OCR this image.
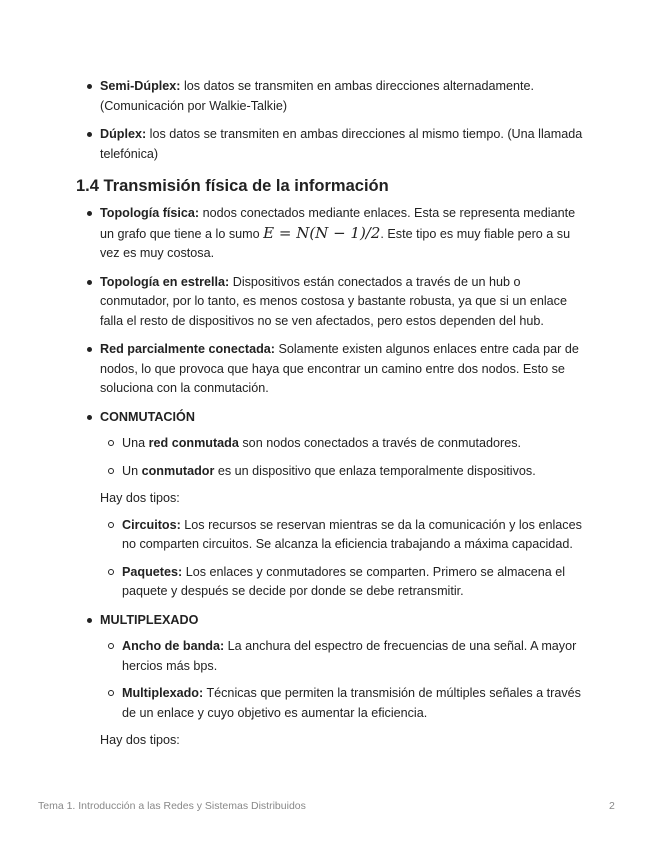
Semi-Dúplex: los datos se transmiten en ambas direcciones alternadamente. (Comunicación por Walkie-Talkie)
Dúplex: los datos se transmiten en ambas direcciones al mismo tiempo. (Una llamada telefónica)
1.4 Transmisión física de la información
Topología física: nodos conectados mediante enlaces. Esta se representa mediante un grafo que tiene a lo sumo E = N(N − 1)/2. Este tipo es muy fiable pero a su vez es muy costosa.
Topología en estrella: Dispositivos están conectados a través de un hub o conmutador, por lo tanto, es menos costosa y bastante robusta, ya que si un enlace falla el resto de dispositivos no se ven afectados, pero estos dependen del hub.
Red parcialmente conectada: Solamente existen algunos enlaces entre cada par de nodos, lo que provoca que haya que encontrar un camino entre dos nodos. Esto se soluciona con la conmutación.
CONMUTACIÓN
Una red conmutada son nodos conectados a través de conmutadores.
Un conmutador es un dispositivo que enlaza temporalmente dispositivos.
Hay dos tipos:
Circuitos: Los recursos se reservan mientras se da la comunicación y los enlaces no comparten circuitos. Se alcanza la eficiencia trabajando a máxima capacidad.
Paquetes: Los enlaces y conmutadores se comparten. Primero se almacena el paquete y después se decide por donde se debe retransmitir.
MULTIPLEXADO
Ancho de banda: La anchura del espectro de frecuencias de una señal. A mayor hercios más bps.
Multiplexado: Técnicas que permiten la transmisión de múltiples señales a través de un enlace y cuyo objetivo es aumentar la eficiencia.
Hay dos tipos:
Tema 1. Introducción a las Redes y Sistemas Distribuidos	2
